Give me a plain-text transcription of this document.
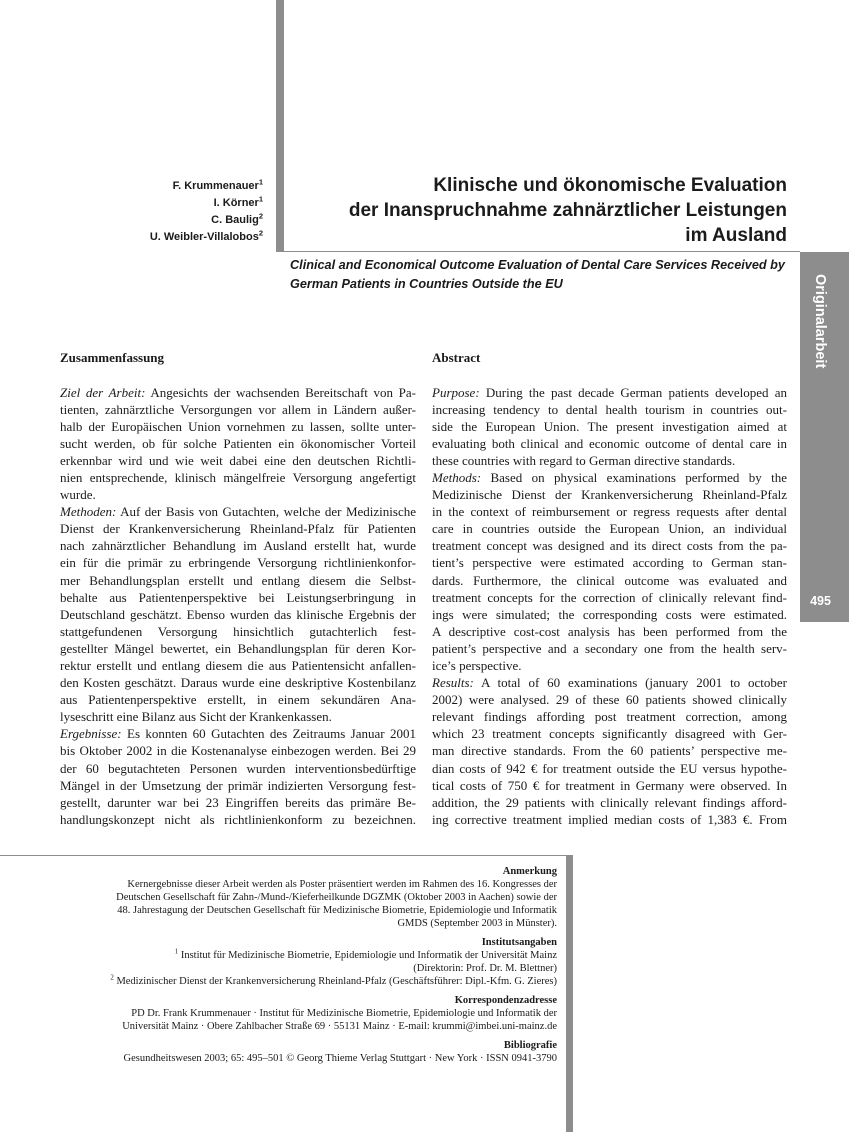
Originalarbeit
495
F. Krummenauer$^1$
I. Körner$^1$
C. Baulig$^2$
U. Weibler-Villalobos$^2$
Klinische und ökonomische Evaluation
der Inanspruchnahme zahnärztlicher Leistungen
im Ausland
Clinical and Economical Outcome Evaluation of Dental Care Services Received by
German Patients in Countries Outside the EU
Zusammenfassung
Ziel der Arbeit: Angesichts der wachsenden Bereitschaft von Pa-
tienten, zahnärztliche Versorgungen vor allem in Ländern außer-
halb der Europäischen Union vornehmen zu lassen, sollte unter-
sucht werden, ob für solche Patienten ein ökonomischer Vorteil
erkennbar wird und wie weit dabei eine den deutschen Richtli-
nien entsprechende, klinisch mängelfreie Versorgung angefertigt
wurde.
Methoden: Auf der Basis von Gutachten, welche der Medizinische
Dienst der Krankenversicherung Rheinland-Pfalz für Patienten
nach zahnärztlicher Behandlung im Ausland erstellt hat, wurde
ein für die primär zu erbringende Versorgung richtlinienkonfor-
mer Behandlungsplan erstellt und entlang diesem die Selbst-
behalte aus Patientenperspektive bei Leistungserbringung in
Deutschland geschätzt. Ebenso wurden das klinische Ergebnis der
stattgefundenen Versorgung hinsichtlich gutachterlich fest-
gestellter Mängel bewertet, ein Behandlungsplan für deren Kor-
rektur erstellt und entlang diesem die aus Patientensicht anfallen-
den Kosten geschätzt. Daraus wurde eine deskriptive Kostenbilanz
aus Patientenperspektive erstellt, in einem sekundären Ana-
lyseschritt eine Bilanz aus Sicht der Krankenkassen.
Ergebnisse: Es konnten 60 Gutachten des Zeitraums Januar 2001
bis Oktober 2002 in die Kostenanalyse einbezogen werden. Bei 29
der 60 begutachteten Personen wurden interventionsbedürftige
Mängel in der Umsetzung der primär indizierten Versorgung fest-
gestellt, darunter war bei 23 Eingriffen bereits das primäre Be-
handlungskonzept nicht als richtlinienkonform zu bezeichnen.
Abstract
Purpose: During the past decade German patients developed an
increasing tendency to dental health tourism in countries out-
side the European Union. The present investigation aimed at
evaluating both clinical and economic outcome of dental care in
these countries with regard to German directive standards.
Methods: Based on physical examinations performed by the
Medizinische Dienst der Krankenversicherung Rheinland-Pfalz
in the context of reimbursement or regress requests after dental
care in countries outside the European Union, an individual
treatment concept was designed and its direct costs from the pa-
tient’s perspective were estimated according to German stan-
dards. Furthermore, the clinical outcome was evaluated and
treatment concepts for the correction of clinically relevant find-
ings were simulated; the corresponding costs were estimated.
A descriptive cost-cost analysis has been performed from the
patient’s perspective and a secondary one from the health serv-
ice’s perspective.
Results: A total of 60 examinations (january 2001 to october
2002) were analysed. 29 of these 60 patients showed clinically
relevant findings affording post treatment correction, among
which 23 treatment concepts significantly disagreed with Ger-
man directive standards. From the 60 patients’ perspective me-
dian costs of 942 € for treatment outside the EU versus hypothe-
tical costs of 750 € for treatment in Germany were observed. In
addition, the 29 patients with clinically relevant findings afford-
ing corrective treatment implied median costs of 1,383 €. From
Anmerkung
Kernergebnisse dieser Arbeit werden als Poster präsentiert werden im Rahmen des 16. Kongresses der
Deutschen Gesellschaft für Zahn-/Mund-/Kieferheilkunde DGZMK (Oktober 2003 in Aachen) sowie der
48. Jahrestagung der Deutschen Gesellschaft für Medizinische Biometrie, Epidemiologie und Informatik
GMDS (September 2003 in Münster).
Institutsangaben
$^1$ Institut für Medizinische Biometrie, Epidemiologie und Informatik der Universität Mainz
(Direktorin: Prof. Dr. M. Blettner)
$^2$ Medizinischer Dienst der Krankenversicherung Rheinland-Pfalz (Geschäftsführer: Dipl.-Kfm. G. Zieres)
Korrespondenzadresse
PD Dr. Frank Krummenauer · Institut für Medizinische Biometrie, Epidemiologie und Informatik der
Universität Mainz · Obere Zahlbacher Straße 69 · 55131 Mainz · E-mail: krummi@imbei.uni-mainz.de
Bibliografie
Gesundheitswesen 2003; 65: 495–501 © Georg Thieme Verlag Stuttgart · New York · ISSN 0941-3790
